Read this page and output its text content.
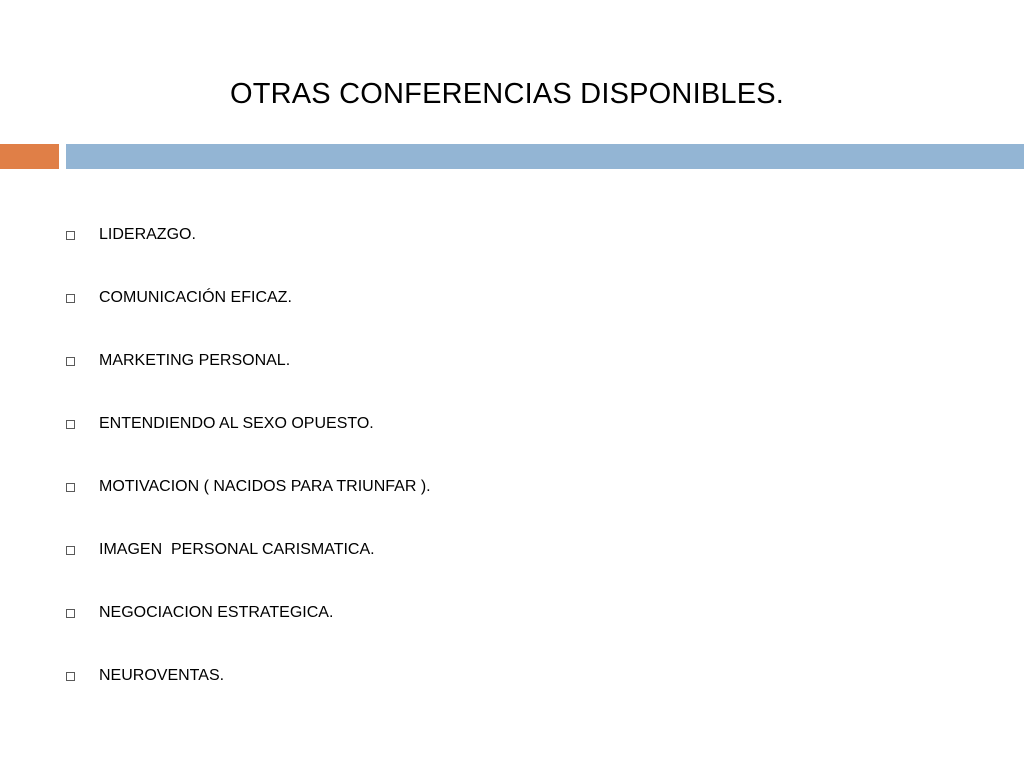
OTRAS CONFERENCIAS DISPONIBLES.
LIDERAZGO.
COMUNICACIÓN EFICAZ.
MARKETING PERSONAL.
ENTENDIENDO AL SEXO OPUESTO.
MOTIVACION ( NACIDOS PARA TRIUNFAR ).
IMAGEN  PERSONAL CARISMATICA.
NEGOCIACION ESTRATEGICA.
NEUROVENTAS.
